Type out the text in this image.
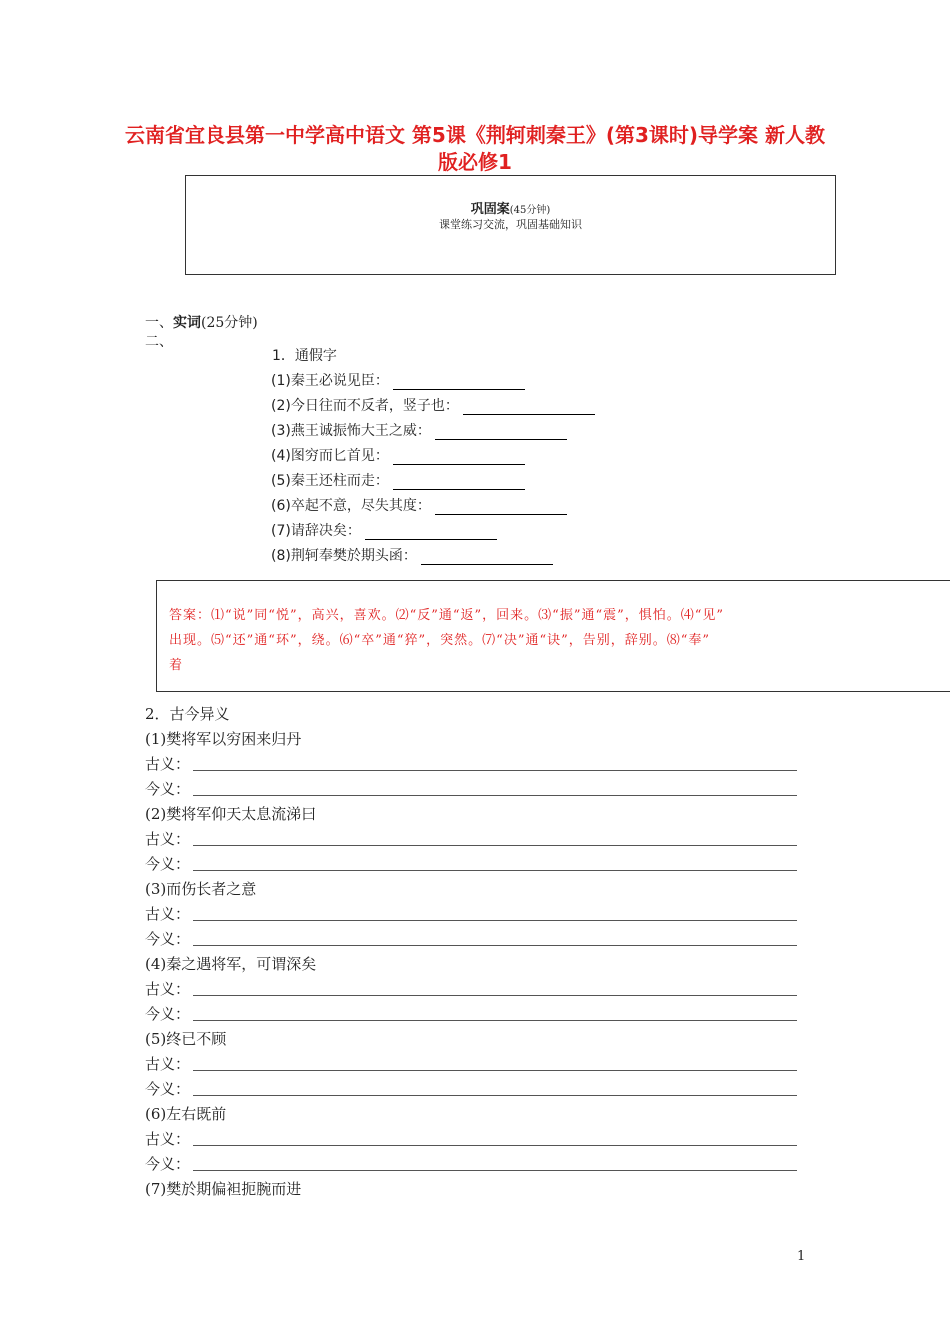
云南省宜良县第一中学高中语文 第5课《荆轲刺秦王》(第3课时)导学案 新人教版必修1
巩固案(45分钟)
课堂练习交流，巩固基础知识
一、实词(25分钟)
二、
1．通假字
(1)秦王必说见臣：
(2)今日往而不反者，竖子也：
(3)燕王诚振怖大王之威：
(4)图穷而匕首见：
(5)秦王还柱而走：
(6)卒起不意，尽失其度：
(7)请辞决矣：
(8)荆轲奉樊於期头函：
答案：⑴“说”同“悦”，高兴，喜欢。⑵“反”通“返”，回来。⑶“振”通“震”，惧怕。⑷“见”
出现。⑸“还”通“环”，绕。⑹“卒”通“猝”，突然。⑺“决”通“诀”，告别，辞别。⑻“奉”
着
2．古今异义
(1)樊将军以穷困来归丹
古义：
今义：
(2)樊将军仰天太息流涕曰
古义：
今义：
(3)而伤长者之意
古义：
今义：
(4)秦之遇将军，可谓深矣
古义：
今义：
(5)终已不顾
古义：
今义：
(6)左右既前
古义：
今义：
(7)樊於期偏袒扼腕而进
1
